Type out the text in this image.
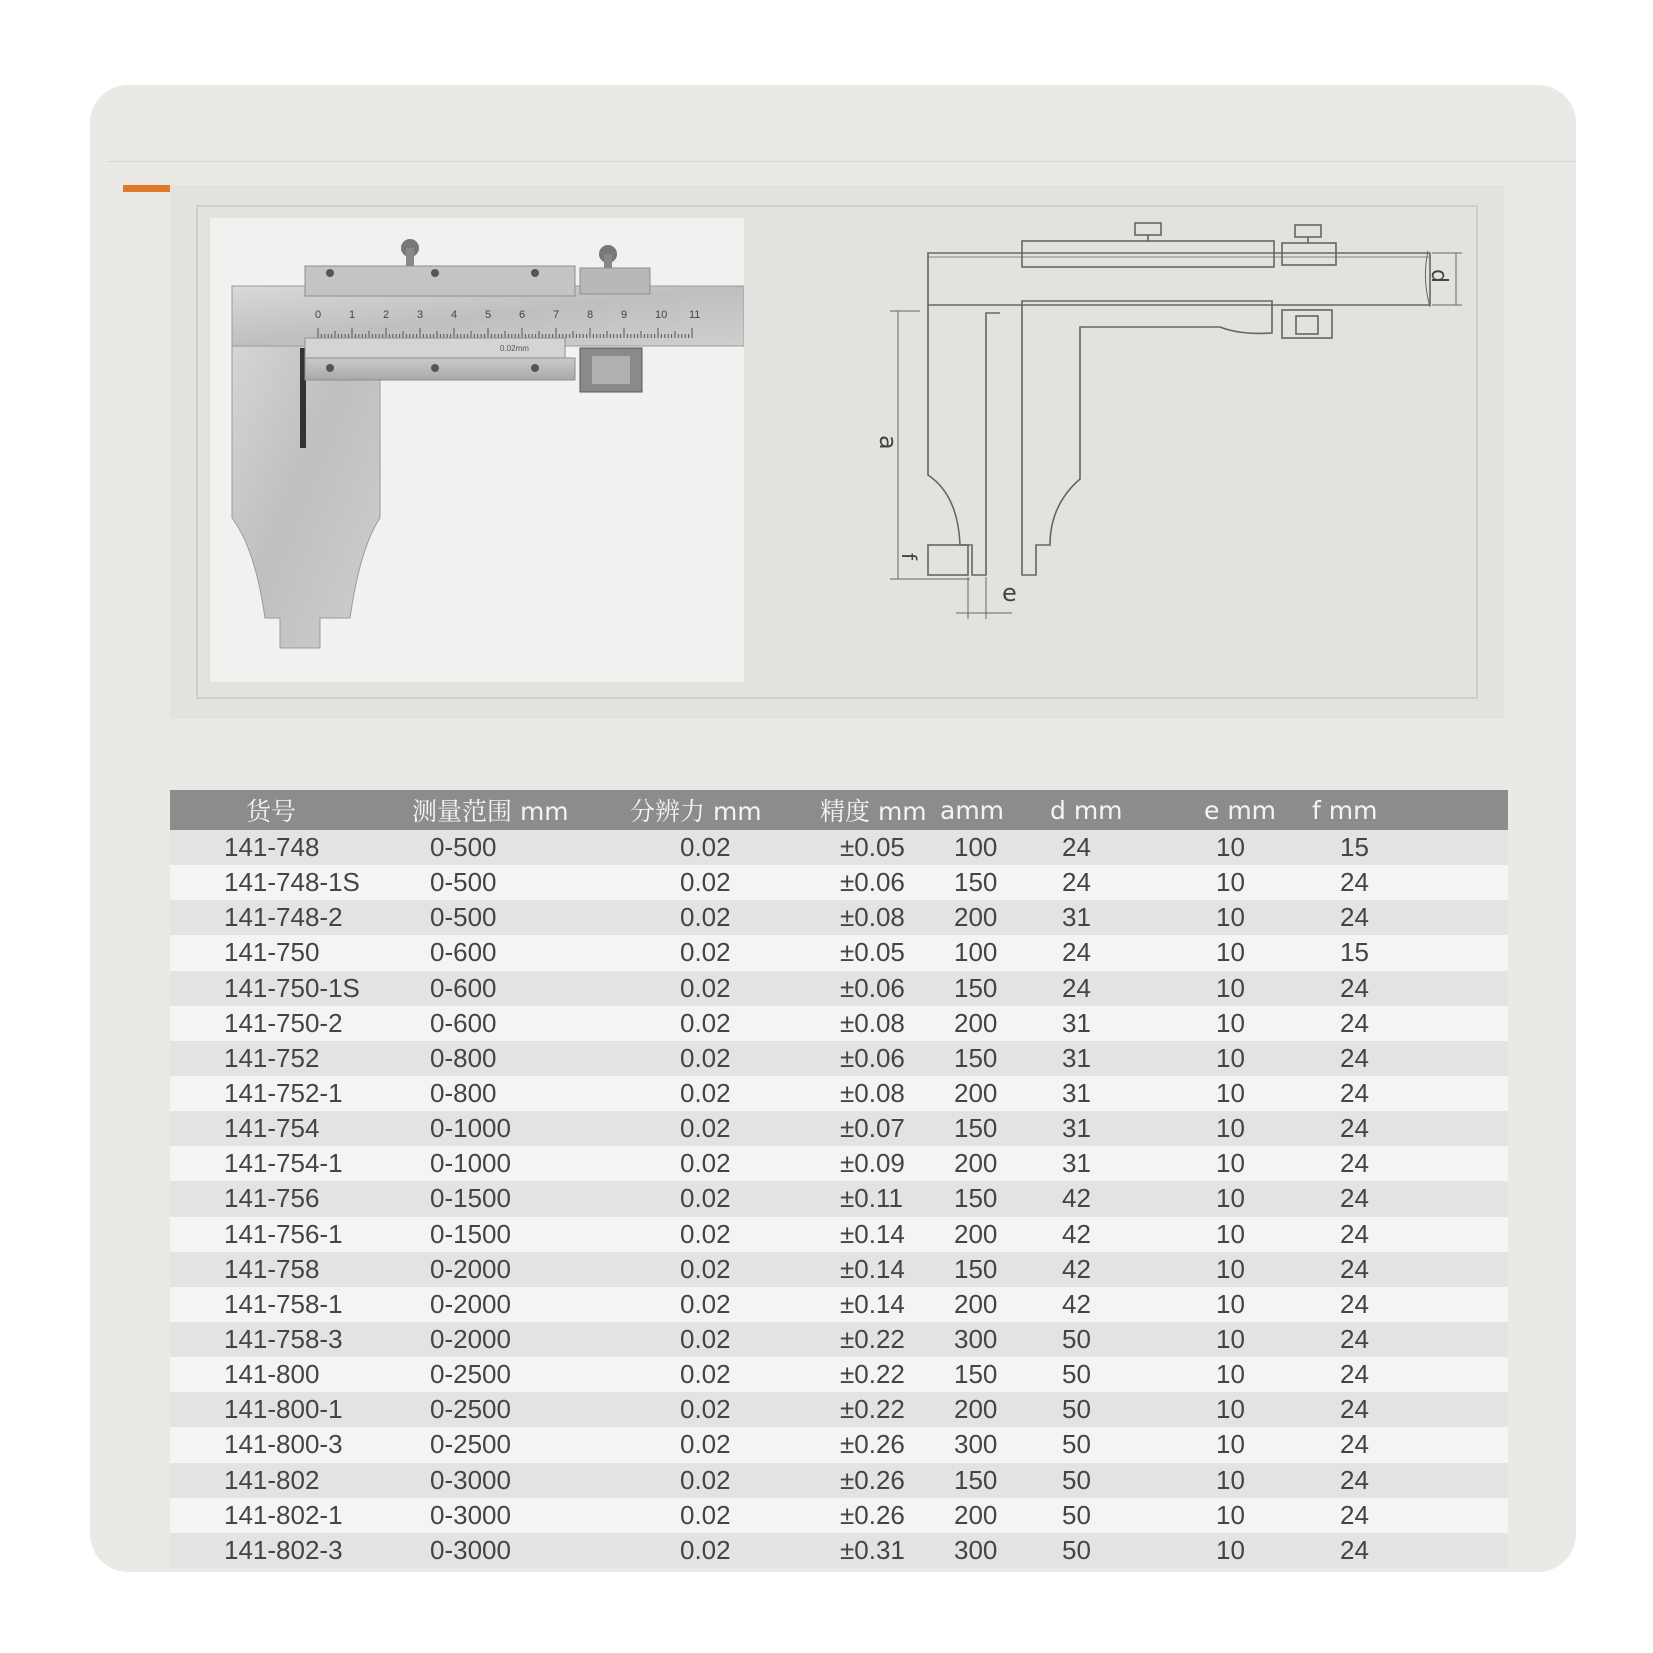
0	1	2	3	4	5	6	7	8	9	10 11
0.02mm
a
f
e
d
货号	测量范围 mm	分辨力 mm	精度 mm	amm	d mm	e mm	f mm
141-748	0-500	0.02	±0.05	100	24	10	15
141-748-1S	0-500	0.02	±0.06	150	24	10	24
141-748-2	0-500	0.02	±0.08	200	31	10	24
141-750	0-600	0.02	±0.05	100	24	10	15
141-750-1S	0-600	0.02	±0.06	150	24	10	24
141-750-2	0-600	0.02	±0.08	200	31	10	24
141-752	0-800	0.02	±0.06	150	31	10	24
141-752-1	0-800	0.02	±0.08	200	31	10	24
141-754	0-1000	0.02	±0.07	150	31	10	24
141-754-1	0-1000	0.02	±0.09	200	31	10	24
141-756	0-1500	0.02	±0.11	150	42	10	24
141-756-1	0-1500	0.02	±0.14	200	42	10	24
141-758	0-2000	0.02	±0.14	150	42	10	24
141-758-1	0-2000	0.02	±0.14	200	42	10	24
141-758-3	0-2000	0.02	±0.22	300	50	10	24
141-800	0-2500	0.02	±0.22	150	50	10	24
141-800-1	0-2500	0.02	±0.22	200	50	10	24
141-800-3	0-2500	0.02	±0.26	300	50	10	24
141-802	0-3000	0.02	±0.26	150	50	10	24
141-802-1	0-3000	0.02	±0.26	200	50	10	24
141-802-3	0-3000	0.02	±0.31	300	50	10	24
